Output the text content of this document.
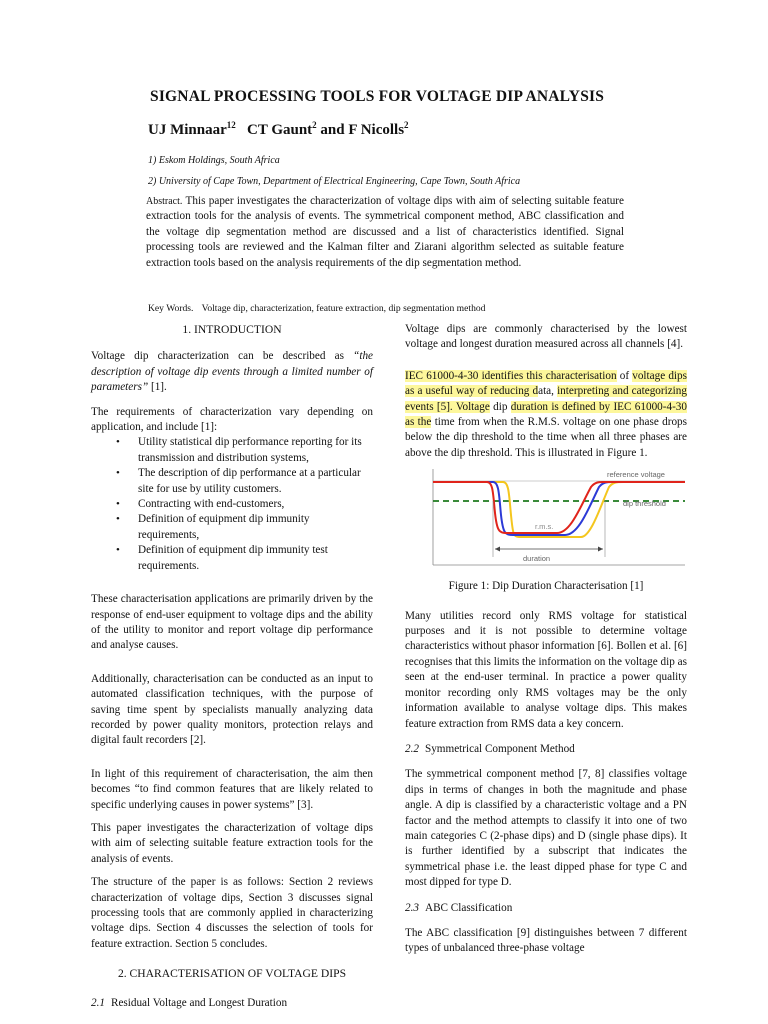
SIGNAL PROCESSING TOOLS FOR VOLTAGE DIP ANALYSIS
UJ Minnaar$^{12}$ CT Gaunt$^2$ and F Nicolls$^2$
1) Eskom Holdings, South Africa
2) University of Cape Town, Department of Electrical Engineering, Cape Town, South Africa
Abstract. This paper investigates the characterization of voltage dips with aim of selecting suitable feature extraction tools for the analysis of events. The symmetrical component method, ABC classification and the voltage dip segmentation method are discussed and a list of characteristics identified. Signal processing tools are reviewed and the Kalman filter and Ziarani algorithm selected as suitable feature extraction tools based on the analysis requirements of the dip segmentation method.
Key Words. Voltage dip, characterization, feature extraction, dip segmentation method

1. INTRODUCTION

Voltage dip characterization can be described as “the description of voltage dip events through a limited number of parameters” [1].

The requirements of characterization vary depending on application, and include [1]:

• Utility statistical dip performance reporting for its transmission and distribution systems,
• The description of dip performance at a particular site for use by utility customers.
• Contracting with end-customers,
• Definition of equipment dip immunity requirements,
• Definition of equipment dip immunity test requirements.

These characterisation applications are primarily driven by the response of end-user equipment to voltage dips and the ability of the utility to monitor and report voltage dip performance and analyse causes.

Additionally, characterisation can be conducted as an input to automated classification techniques, with the purpose of saving time spent by specialists manually analyzing data recorded by power quality monitors, protection relays and digital fault recorders [2].

In light of this requirement of characterisation, the aim then becomes “to find common features that are likely related to specific underlying causes in power systems” [3].

This paper investigates the characterization of voltage dips with aim of selecting suitable feature extraction tools for the analysis of events.

The structure of the paper is as follows: Section 2 reviews characterization of voltage dips, Section 3 discusses signal processing tools that are commonly applied in characterizing voltage dips. Section 4 discusses the selection of tools for feature extraction. Section 5 concludes.

2. CHARACTERISATION OF VOLTAGE DIPS

2.1 Residual Voltage and Longest Duration

Voltage dips are commonly characterised by the lowest voltage and longest duration measured across all channels [4].

IEC 61000-4-30 identifies this characterisation of voltage dips as a useful way of reducing data, interpreting and categorizing events [5]. Voltage dip duration is defined by IEC 61000-4-30 as the time from when the R.M.S. voltage on one phase drops below the dip threshold to the time when all three phases are above the dip threshold. This is illustrated in Figure 1.

reference voltage
dip threshold
r.m.s.
duration

Figure 1: Dip Duration Characterisation [1]

Many utilities record only RMS voltage for statistical purposes and it is not possible to determine voltage characteristics without phasor information [6]. Bollen et al. [6] recognises that this limits the information on the voltage dip as seen at the end-user terminal. In practice a power quality monitor recording only RMS voltages may be the only information available to analyse voltage dips. This makes feature extraction from RMS data a key concern.

2.2 Symmetrical Component Method

The symmetrical component method [7, 8] classifies voltage dips in terms of changes in both the magnitude and phase angle. A dip is classified by a characteristic voltage and a PN factor and the method attempts to classify it into one of two main categories C (2-phase dips) and D (single phase dips). It is further identified by a subscript that indicates the symmetrical phase i.e. the least dipped phase for type C and most dipped for type D.

2.3 ABC Classification

The ABC classification [9] distinguishes between 7 different types of unbalanced three-phase voltage
